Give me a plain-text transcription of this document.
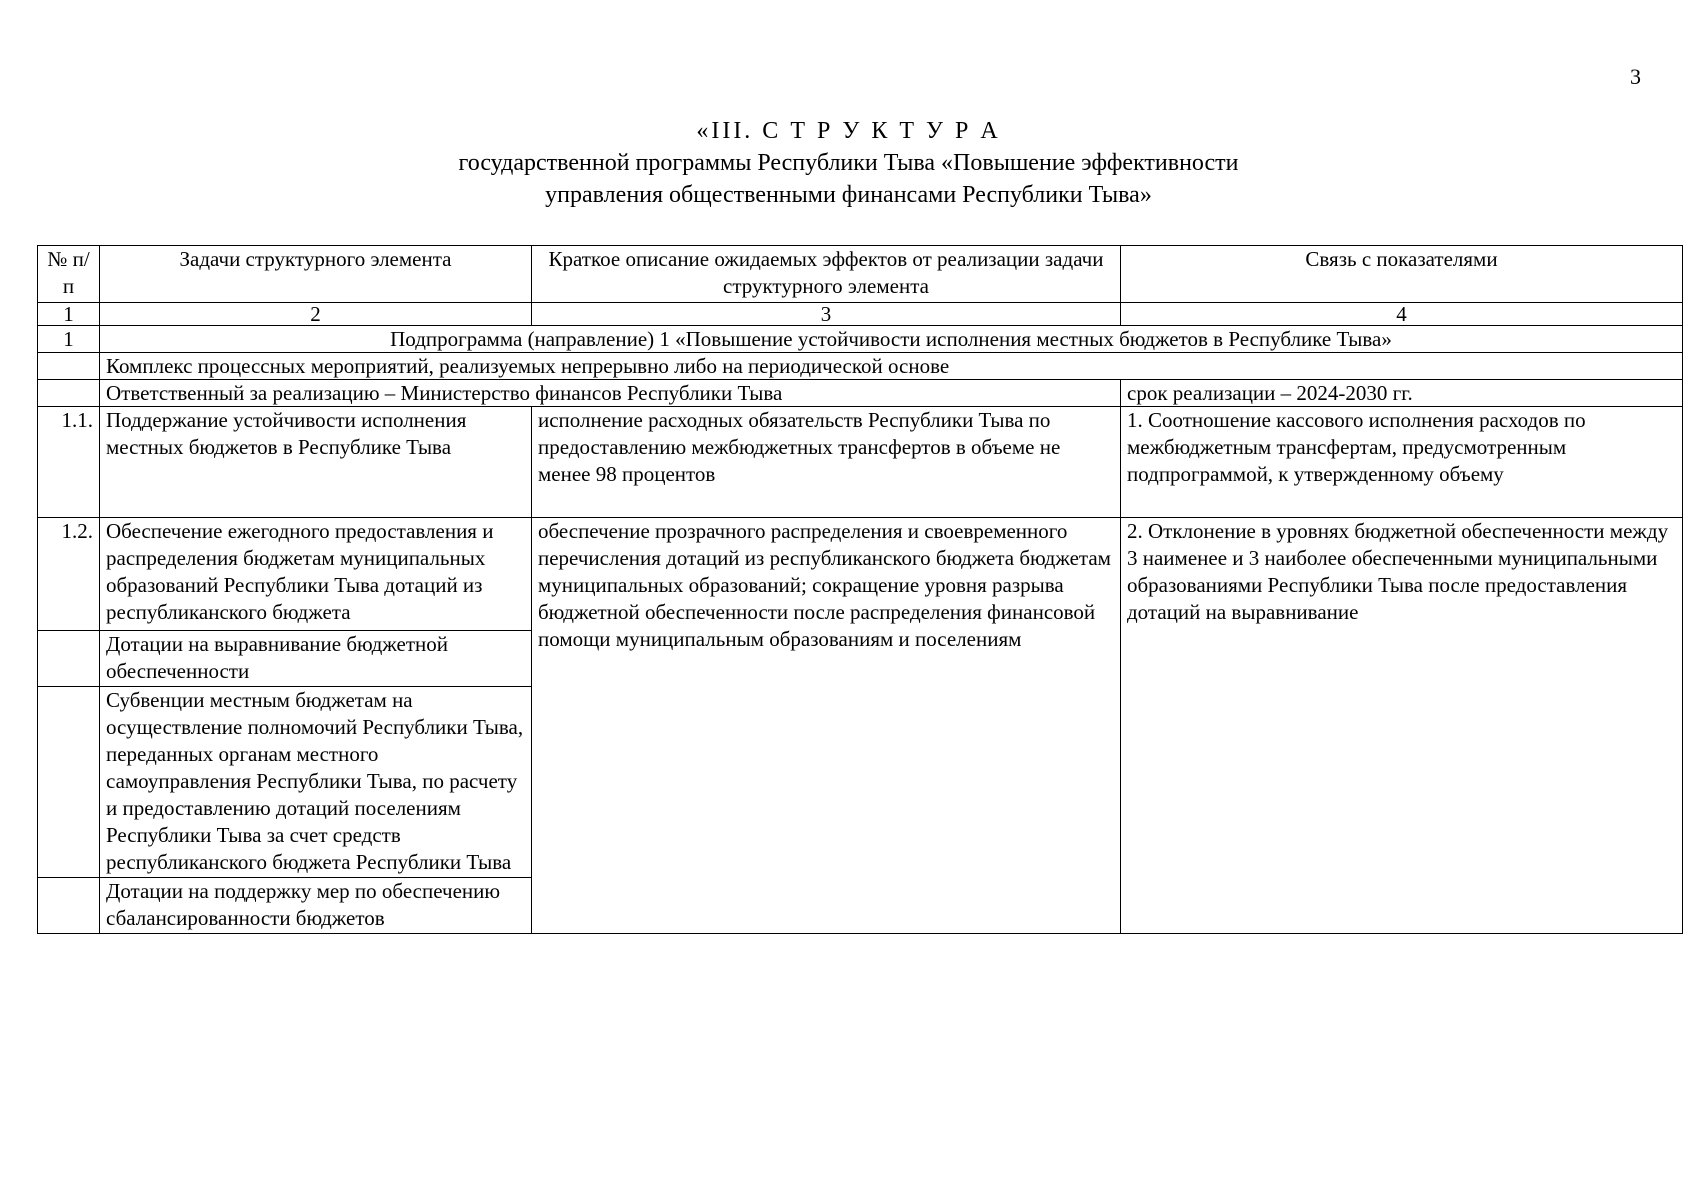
3
«III. С Т Р У К Т У Р А
государственной программы Республики Тыва «Повышение эффективности
управления общественными финансами Республики Тыва»
№ п/п	Задачи структурного элемента	Краткое описание ожидаемых эффектов от реализации задачи структурного элемента	Связь с показателями
1	2	3	4
1	Подпрограмма (направление) 1 «Повышение устойчивости исполнения местных бюджетов в Республике Тыва»		
	Комплекс процессных мероприятий, реализуемых непрерывно либо на периодической основе		
	Ответственный за реализацию – Министерство финансов Республики Тыва		срок реализации – 2024-2030 гг.
1.1.	Поддержание устойчивости исполнения местных бюджетов в Республике Тыва	исполнение расходных обязательств Республики Тыва по предоставлению межбюджетных трансфертов в объеме не менее 98 процентов	1. Соотношение кассового исполнения расходов по межбюджетным трансфертам, предусмотренным подпрограммой, к утвержденному объему
1.2.	Обеспечение ежегодного предоставления и распределения бюджетам муниципальных образований Республики Тыва дотаций из республиканского бюджета	обеспечение прозрачного распределения и своевременного перечисления дотаций из республиканского бюджета бюджетам муниципальных образований; сокращение уровня разрыва бюджетной обеспеченности после распределения финансовой помощи муниципальным образованиям и поселениям	2. Отклонение в уровнях бюджетной обеспеченности между 3 наименее и 3 наиболее обеспеченными муниципальными образованиями Республики Тыва после предоставления дотаций на выравнивание
	Дотации на выравнивание бюджетной обеспеченности		
	Субвенции местным бюджетам на осуществление полномочий Республики Тыва, переданных органам местного самоуправления Республики Тыва, по расчету и предоставлению дотаций поселениям Республики Тыва за счет средств республиканского бюджета Республики Тыва		
	Дотации на поддержку мер по обеспечению сбалансированности бюджетов		
